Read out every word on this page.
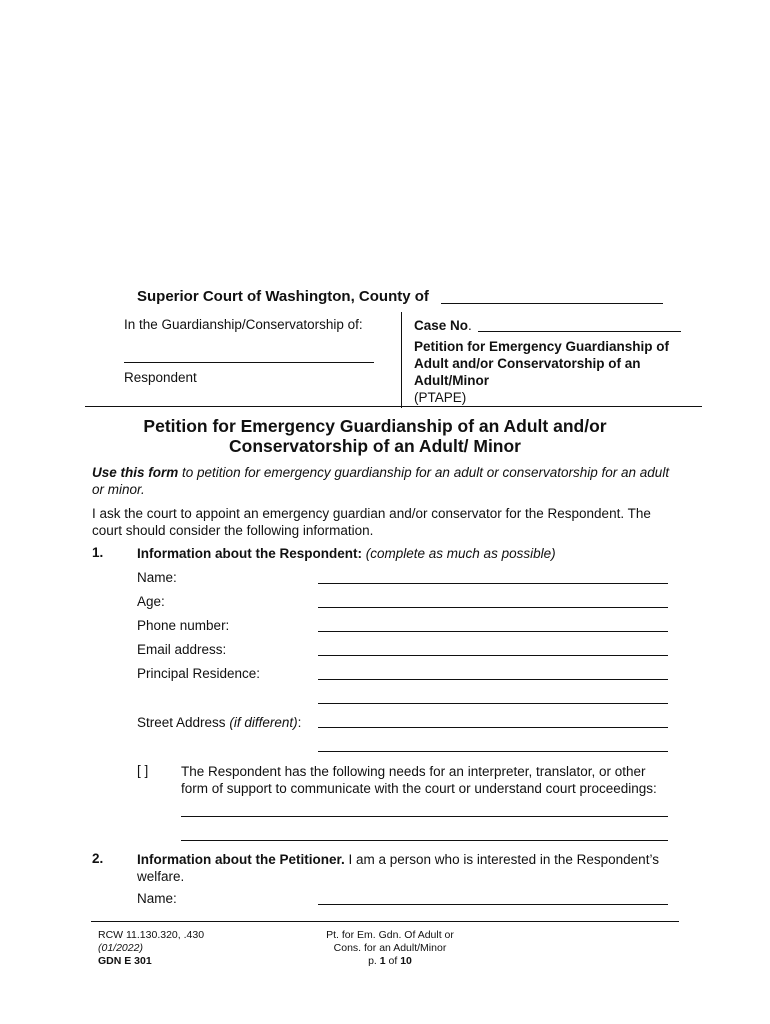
Superior Court of Washington, County of
In the Guardianship/Conservatorship of:
Respondent
Case No.
Petition for Emergency Guardianship of Adult and/or Conservatorship of an Adult/Minor
(PTAPE)
Petition for Emergency Guardianship of an Adult and/or
Conservatorship of an Adult/ Minor
Use this form to petition for emergency guardianship for an adult or conservatorship for an adult or minor.
I ask the court to appoint an emergency guardian and/or conservator for the Respondent. The court should consider the following information.
1. Information about the Respondent: (complete as much as possible)
Name:
Age:
Phone number:
Email address:
Principal Residence:
Street Address (if different):
[ ] The Respondent has the following needs for an interpreter, translator, or other form of support to communicate with the court or understand court proceedings:
2. Information about the Petitioner. I am a person who is interested in the Respondent’s welfare.
Name:
RCW 11.130.320, .430
(01/2022)
GDN E 301
Pt. for Em. Gdn. Of Adult or
Cons. for an Adult/Minor
p. 1 of 10
